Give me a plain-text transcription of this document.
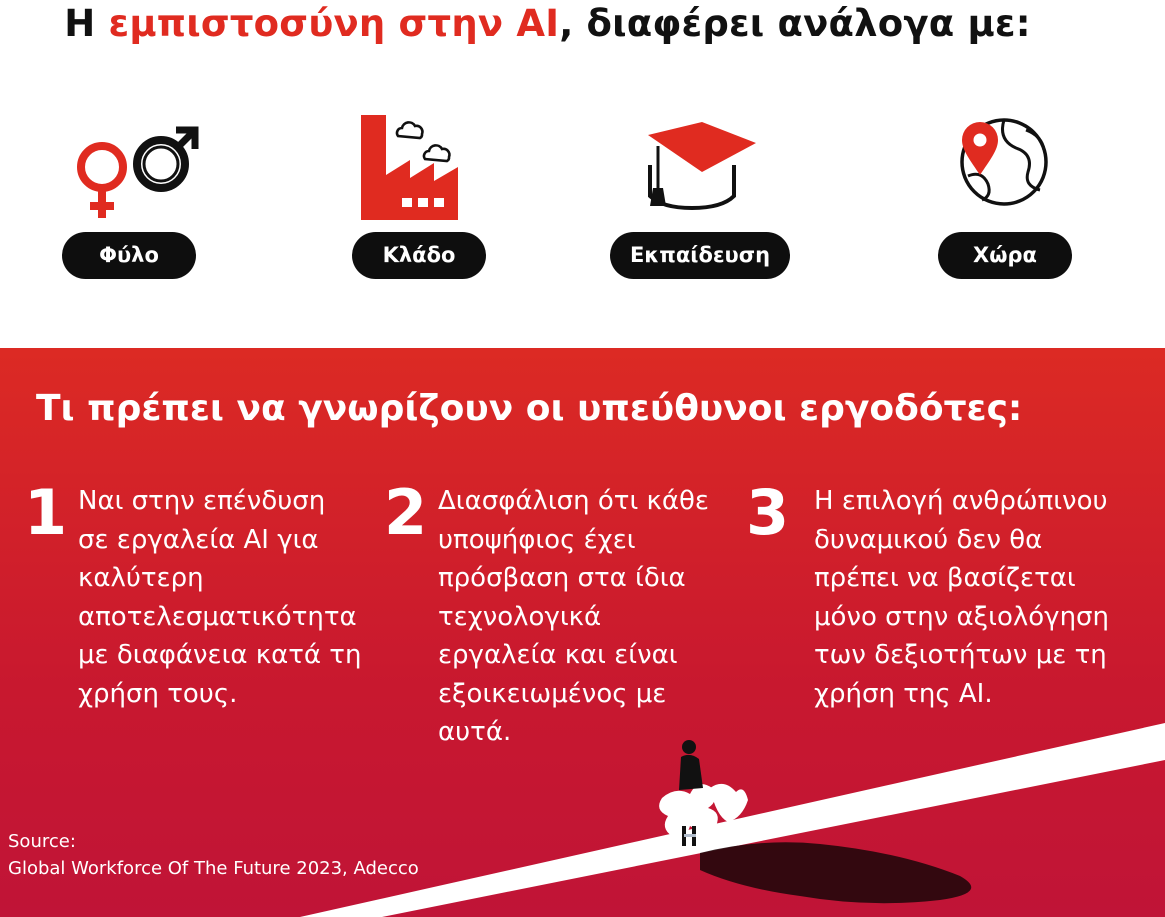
Η εμπιστοσύνη στην AI, διαφέρει ανάλογα με:
Φύλο	Κλάδο	Εκπαίδευση	Χώρα
Τι πρέπει να γνωρίζουν οι υπεύθυνοι εργοδότες:
1 Ναι στην επένδυση
σε εργαλεία AI για
καλύτερη
αποτελεσματικότητα
με διαφάνεια κατά τη
χρήση τους.
2 Διασφάλιση ότι κάθε
υποψήφιος έχει
πρόσβαση στα ίδια
τεχνολογικά
εργαλεία και είναι
εξοικειωμένος με
αυτά.
3 Η επιλογή ανθρώπινου
δυναμικού δεν θα
πρέπει να βασίζεται
μόνο στην αξιολόγηση
των δεξιοτήτων με τη
χρήση της AI.
Source:
Global Workforce Of The Future 2023, Adecco
